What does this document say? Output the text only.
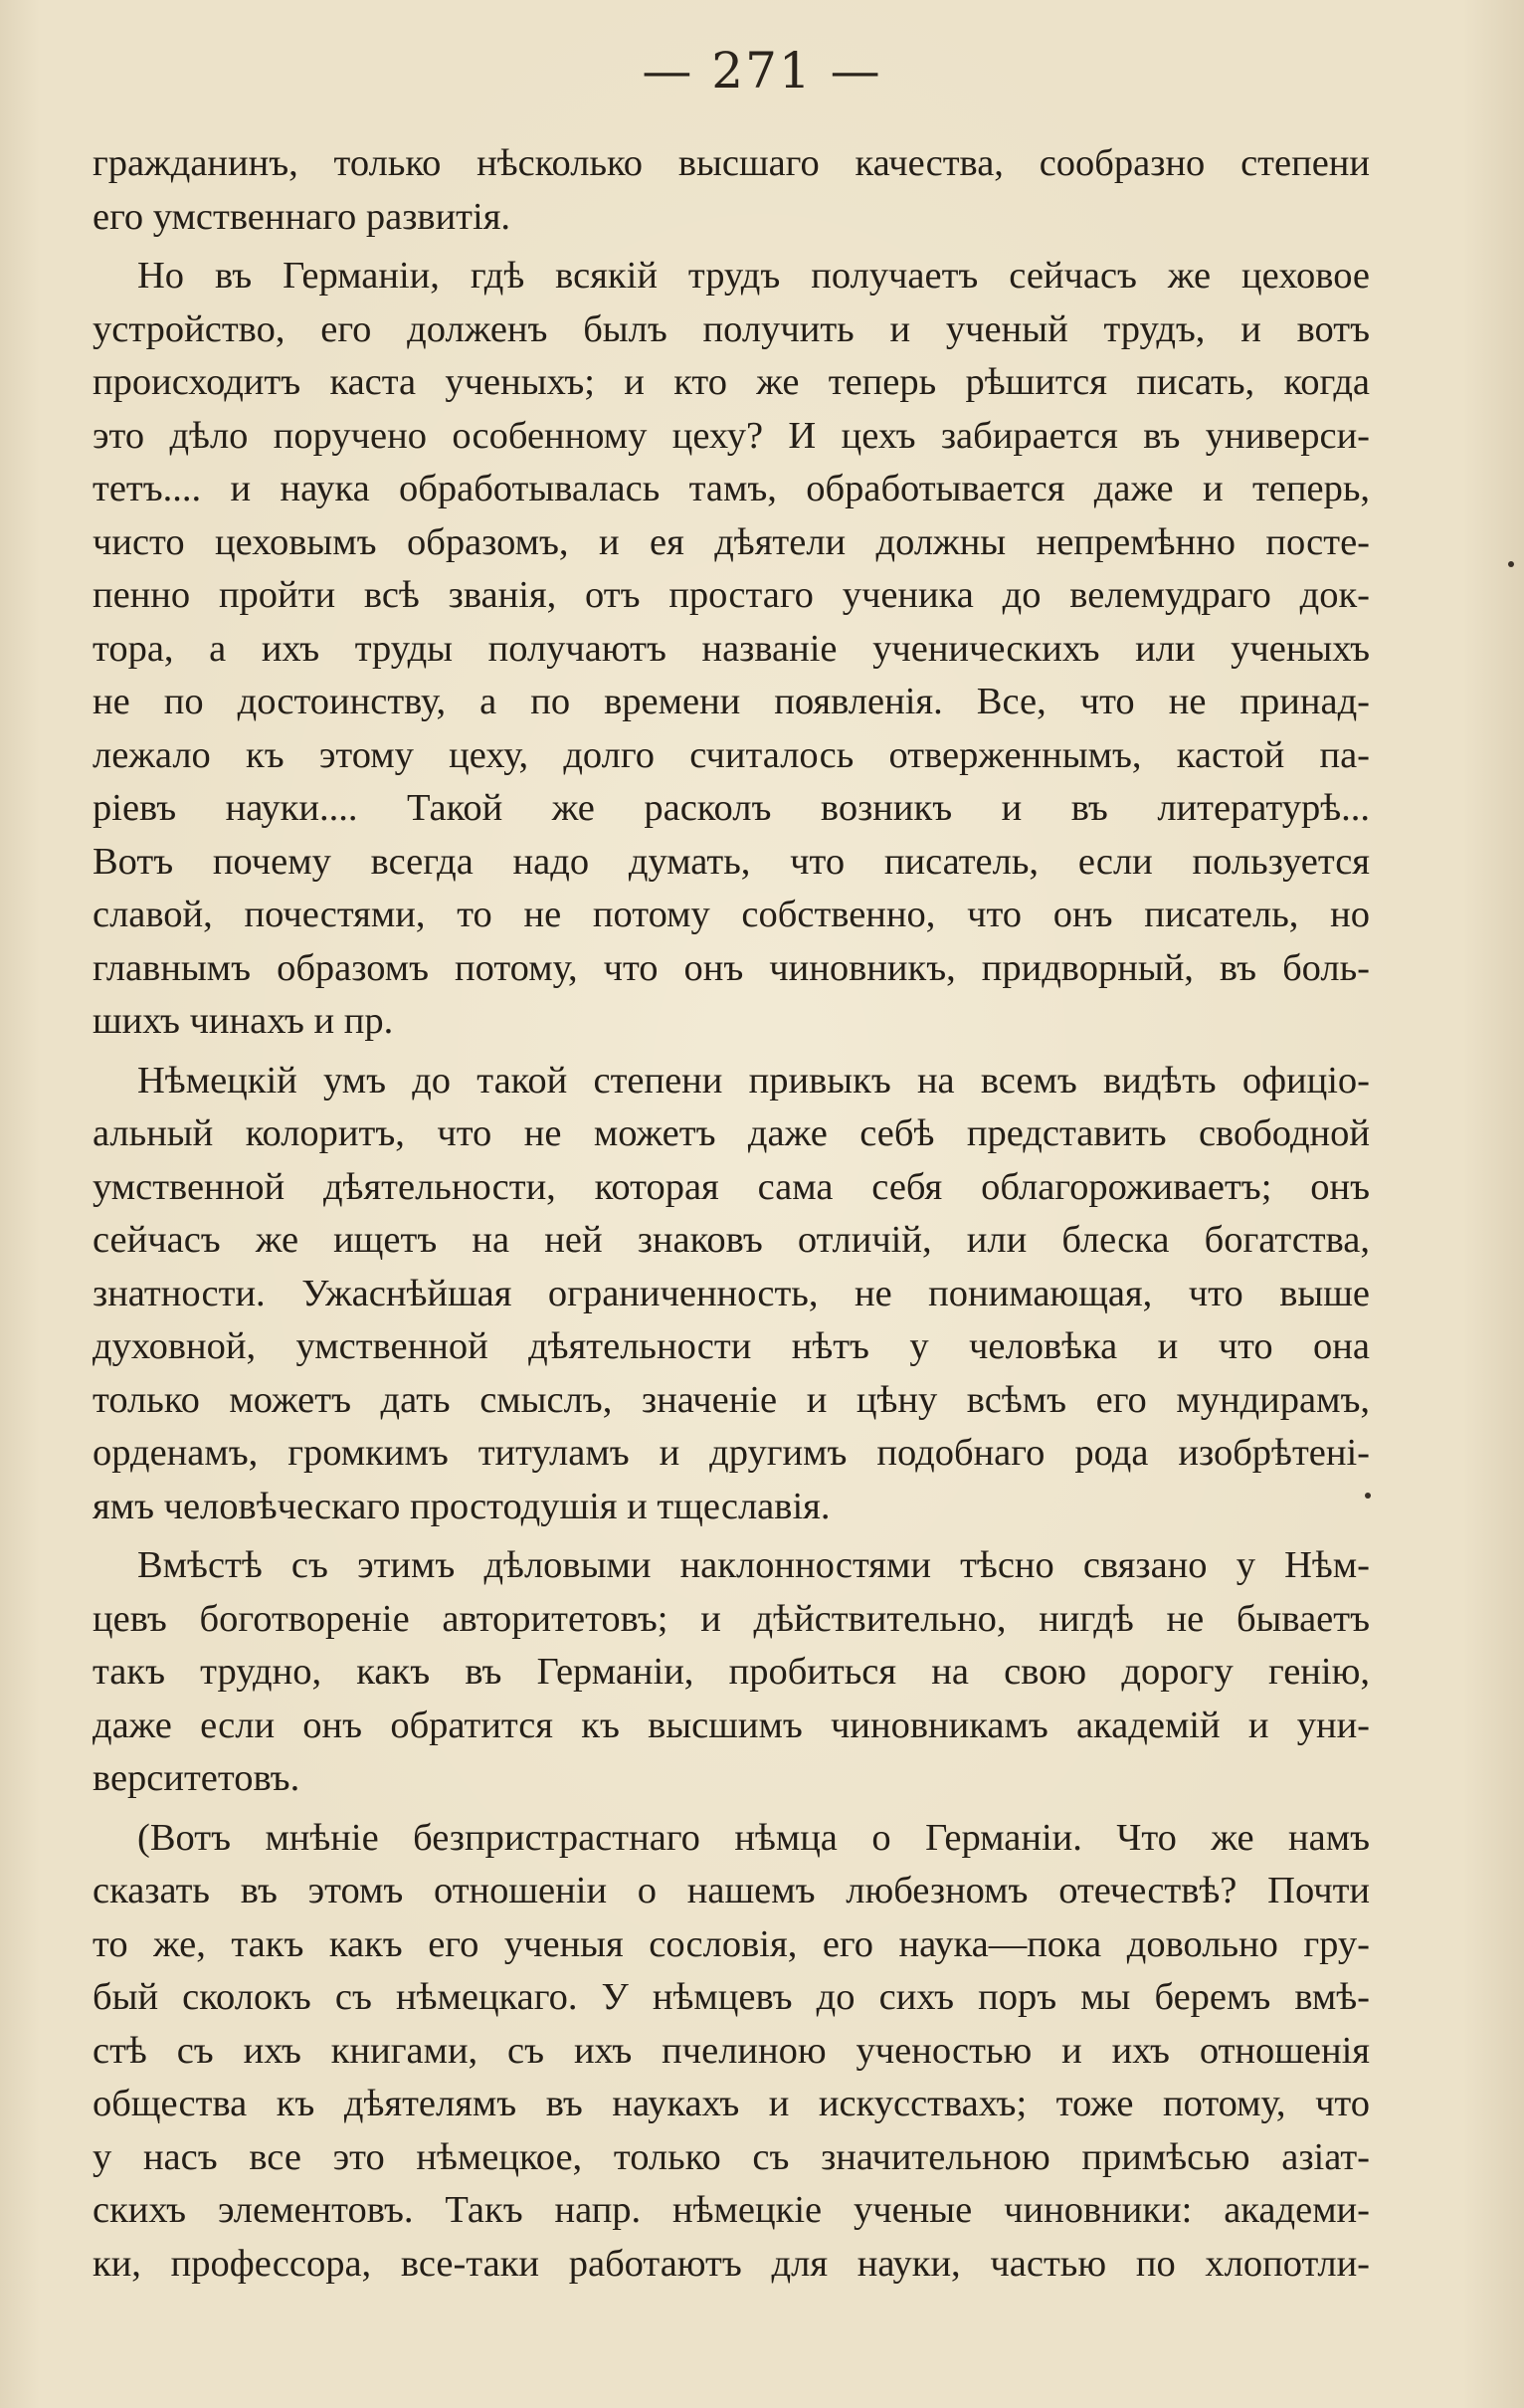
— 271 —
гражданинъ, только нѣсколько высшаго качества, сообразно степени
его умственнаго развитія.
Но въ Германіи, гдѣ всякій трудъ получаетъ сейчасъ же цеховое
устройство, его долженъ былъ получить и ученый трудъ, и вотъ
происходитъ каста ученыхъ; и кто же теперь рѣшится писать, когда
это дѣло поручено особенному цеху? И цехъ забирается въ универси-
тетъ.... и наука обработывалась тамъ, обработывается даже и теперь,
чисто цеховымъ образомъ, и ея дѣятели должны непремѣнно посте-
пенно пройти всѣ званія, отъ простаго ученика до велемудраго док-
тора, а ихъ труды получаютъ названіе ученическихъ или ученыхъ
не по достоинству, а по времени появленія. Все, что не принад-
лежало къ этому цеху, долго считалось отверженнымъ, кастой па-
ріевъ науки.... Такой же расколъ возникъ и въ литературѣ...
Вотъ почему всегда надо думать, что писатель, если пользуется
славой, почестями, то не потому собственно, что онъ писатель, но
главнымъ образомъ потому, что онъ чиновникъ, придворный, въ боль-
шихъ чинахъ и пр.
Нѣмецкій умъ до такой степени привыкъ на всемъ видѣть офиціо-
альный колоритъ, что не можетъ даже себѣ представить свободной
умственной дѣятельности, которая сама себя облагороживаетъ; онъ
сейчасъ же ищетъ на ней знаковъ отличій, или блеска богатства,
знатности. Ужаснѣйшая ограниченность, не понимающая, что выше
духовной, умственной дѣятельности нѣтъ у человѣка и что она
только можетъ дать смыслъ, значеніе и цѣну всѣмъ его мундирамъ,
орденамъ, громкимъ титуламъ и другимъ подобнаго рода изобрѣтені-
ямъ человѣческаго простодушія и тщеславія.
Вмѣстѣ съ этимъ дѣловыми наклонностями тѣсно связано у Нѣм-
цевъ боготвореніе авторитетовъ; и дѣйствительно, нигдѣ не бываетъ
такъ трудно, какъ въ Германіи, пробиться на свою дорогу генію,
даже если онъ обратится къ высшимъ чиновникамъ академій и уни-
верситетовъ.
(Вотъ мнѣніе безпристрастнаго нѣмца о Германіи. Что же намъ
сказать въ этомъ отношеніи о нашемъ любезномъ отечествѣ? Почти
то же, такъ какъ его ученыя сословія, его наука—пока довольно гру-
бый сколокъ съ нѣмецкаго. У нѣмцевъ до сихъ поръ мы беремъ вмѣ-
стѣ съ ихъ книгами, съ ихъ пчелиною ученостью и ихъ отношенія
общества къ дѣятелямъ въ наукахъ и искусствахъ; тоже потому, что
у насъ все это нѣмецкое, только съ значительною примѣсью азіат-
скихъ элементовъ. Такъ напр. нѣмецкіе ученые чиновники: академи-
ки, профессора, все-таки работаютъ для науки, частью по хлопотли-
